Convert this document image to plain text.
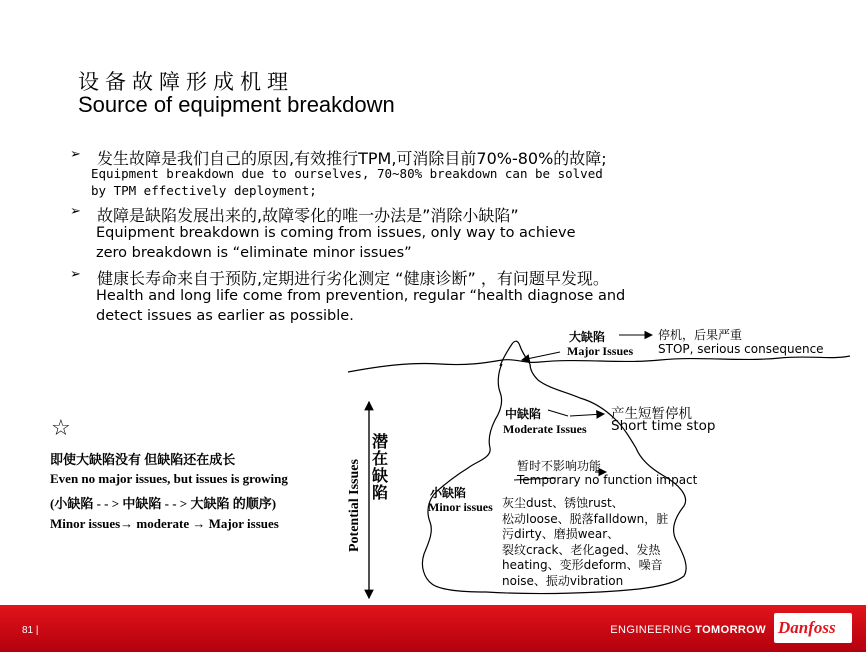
设备故障形成机理
Source of equipment breakdown
➢ 发生故障是我们自己的原因,有效推行TPM,可消除目前70%-80%的故障;
Equipment breakdown due to ourselves, 70~80% breakdown can be solved
by TPM effectively deployment;
➢ 故障是缺陷发展出来的,故障零化的唯一办法是”消除小缺陷”
Equipment breakdown is coming from issues, only way to achieve
zero breakdown is “eliminate minor issues”
➢ 健康长寿命来自于预防,定期进行劣化测定 “健康诊断” ，有问题早发现。
Health and long life come from prevention, regular “health diagnose and
detect issues as earlier as possible.
大缺陷
Major Issues
停机，后果严重
STOP, serious consequence
中缺陷
Moderate Issues
产生短暂停机
Short time stop
小缺陷
Minor issues
暂时不影响功能
Temporary no function impact
潜在缺陷
Potential Issues	灰尘dust、锈蚀rust、
松动loose、脱落falldown，脏
污dirty、磨损wear、
裂纹crack、老化aged、发热
heating、变形deform、噪音
noise、振动vibration
☆
即使大缺陷没有 但缺陷还在成长
Even no major issues, but issues is growing
(小缺陷 - - > 中缺陷 - - > 大缺陷 的顺序)
Minor issues→ moderate → Major issues
81 |	ENGINEERING TOMORROW Danfoss
